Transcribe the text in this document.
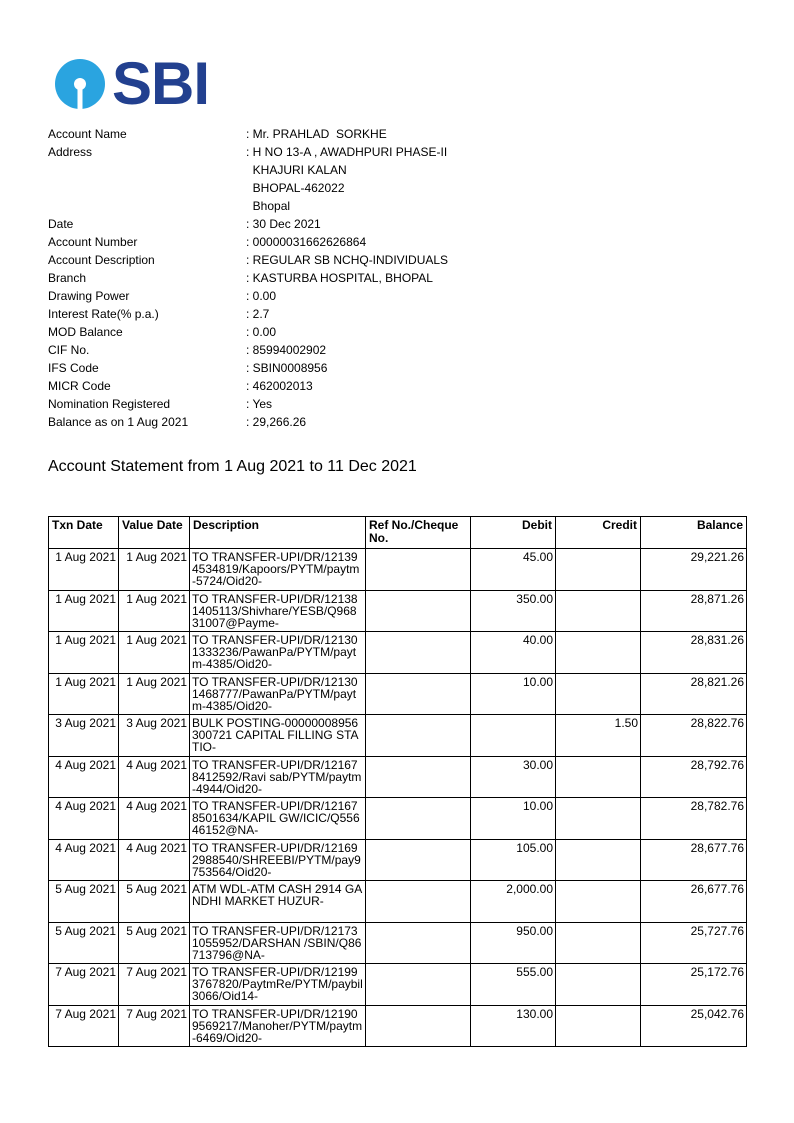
SBI
Account Name	: Mr. PRAHLAD  SORKHE
Address	: H NO 13-A , AWADHPURI PHASE-II
KHAJURI KALAN
BHOPAL-462022
Bhopal
Date	: 30 Dec 2021
Account Number	: 00000031662626864
Account Description	: REGULAR SB NCHQ-INDIVIDUALS
Branch	: KASTURBA HOSPITAL, BHOPAL
Drawing Power	: 0.00
Interest Rate(% p.a.)	: 2.7
MOD Balance	: 0.00
CIF No.	: 85994002902
IFS Code	: SBIN0008956
MICR Code	: 462002013
Nomination Registered	: Yes
Balance as on 1 Aug 2021	: 29,266.26
Account Statement from 1 Aug 2021 to 11 Dec 2021
Txn Date	Value Date	Description	Ref No./Cheque No.	Debit	Credit	Balance
1 Aug 2021	1 Aug 2021	TO TRANSFER-UPI/DR/121394534819/Kapoors/PYTM/paytm-5724/Oid20-		45.00		29,221.26
1 Aug 2021	1 Aug 2021	TO TRANSFER-UPI/DR/121381405113/Shivhare/YESB/Q96831007@Payme-		350.00		28,871.26
1 Aug 2021	1 Aug 2021	TO TRANSFER-UPI/DR/121301333236/PawanPa/PYTM/paytm-4385/Oid20-		40.00		28,831.26
1 Aug 2021	1 Aug 2021	TO TRANSFER-UPI/DR/121301468777/PawanPa/PYTM/paytm-4385/Oid20-		10.00		28,821.26
3 Aug 2021	3 Aug 2021	BULK POSTING-00000008956 300721 CAPITAL FILLING STATIO-			1.50	28,822.76
4 Aug 2021	4 Aug 2021	TO TRANSFER-UPI/DR/121678412592/Ravi sab/PYTM/paytm-4944/Oid20-		30.00		28,792.76
4 Aug 2021	4 Aug 2021	TO TRANSFER-UPI/DR/121678501634/KAPIL GW/ICIC/Q55646152@NA-		10.00		28,782.76
4 Aug 2021	4 Aug 2021	TO TRANSFER-UPI/DR/121692988540/SHREEBI/PYTM/pay9753564/Oid20-		105.00		28,677.76
5 Aug 2021	5 Aug 2021	ATM WDL-ATM CASH 2914 GANDHI MARKET HUZUR-		2,000.00		26,677.76
5 Aug 2021	5 Aug 2021	TO TRANSFER-UPI/DR/121731055952/DARSHAN /SBIN/Q86713796@NA-		950.00		25,727.76
7 Aug 2021	7 Aug 2021	TO TRANSFER-UPI/DR/121993767820/PaytmRe/PYTM/paybil3066/Oid14-		555.00		25,172.76
7 Aug 2021	7 Aug 2021	TO TRANSFER-UPI/DR/121909569217/Manoher/PYTM/paytm-6469/Oid20-		130.00		25,042.76
